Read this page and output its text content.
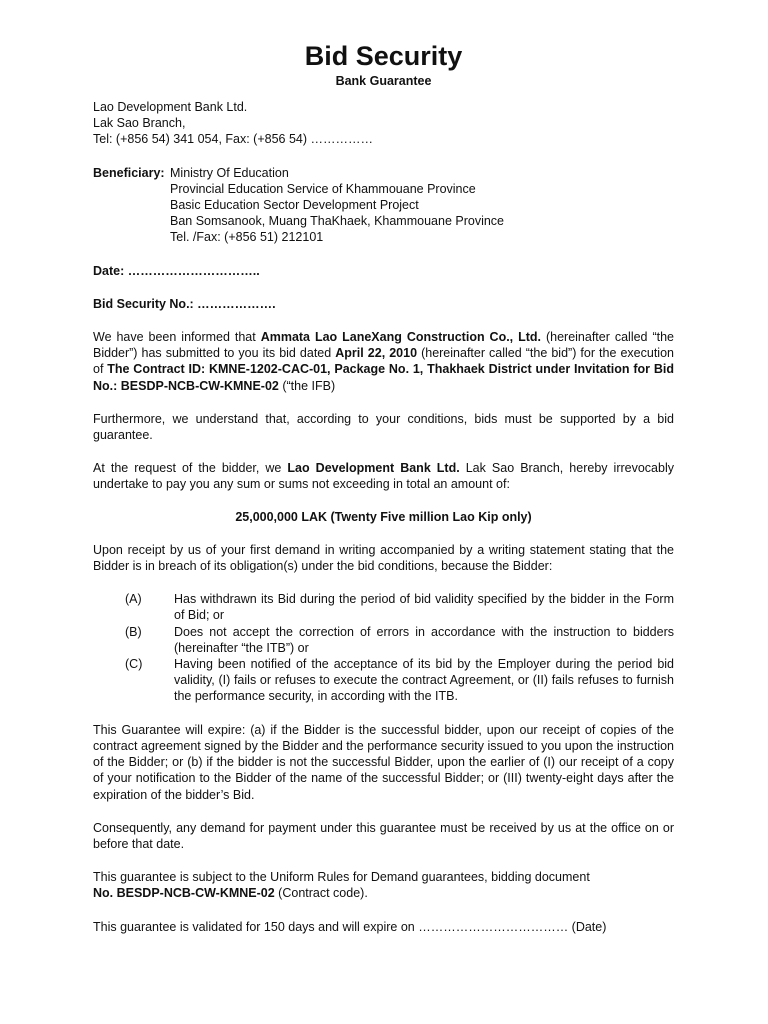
Bid Security
Bank Guarantee

Lao Development Bank Ltd.

Lak Sao Branch,

Tel: (+856 54) 341 054, Fax: (+856 54) ……………

Beneficiary: Ministry Of Education

Provincial Education Service of Khammouane Province

Basic Education Sector Development Project

Ban Somsanook, Muang ThaKhaek, Khammouane Province

Tel. /Fax: (+856 51) 212101

Date: …………………………..

Bid Security No.: ……………….

We have been informed that Ammata Lao LaneXang Construction Co., Ltd. (hereinafter called “the Bidder”) has submitted to you its bid dated April 22, 2010 (hereinafter called “the bid”) for the execution of The Contract ID: KMNE-1202-CAC-01, Package No. 1, Thakhaek District under Invitation for Bid No.: BESDP-NCB-CW-KMNE-02 (“the IFB)

Furthermore, we understand that, according to your conditions, bids must be supported by a bid guarantee.

At the request of the bidder, we Lao Development Bank Ltd. Lak Sao Branch, hereby irrevocably undertake to pay you any sum or sums not exceeding in total an amount of:

25,000,000 LAK (Twenty Five million Lao Kip only)

Upon receipt by us of your first demand in writing accompanied by a writing statement stating that the Bidder is in breach of its obligation(s) under the bid conditions, because the Bidder:

(A)	Has withdrawn its Bid during the period of bid validity specified by the bidder in the Form of Bid; or
(B)	Does not accept the correction of errors in accordance with the instruction to bidders (hereinafter “the ITB”) or
(C)	Having been notified of the acceptance of its bid by the Employer during the period bid validity, (I) fails or refuses to execute the contract Agreement, or (II) fails refuses to furnish the performance security, in according with the ITB.

This Guarantee will expire: (a) if the Bidder is the successful bidder, upon our receipt of copies of the contract agreement signed by the Bidder and the performance security issued to you upon the instruction of the Bidder; or (b) if the bidder is not the successful Bidder, upon the earlier of (I) our receipt of a copy of your notification to the Bidder of the name of the successful Bidder; or (III) twenty-eight days after the expiration of the bidder’s Bid.

Consequently, any demand for payment under this guarantee must be received by us at the office on or before that date.

This guarantee is subject to the Uniform Rules for Demand guarantees, bidding document

No. BESDP-NCB-CW-KMNE-02 (Contract code).

This guarantee is validated for 150 days and will expire on ……………………………… (Date)
